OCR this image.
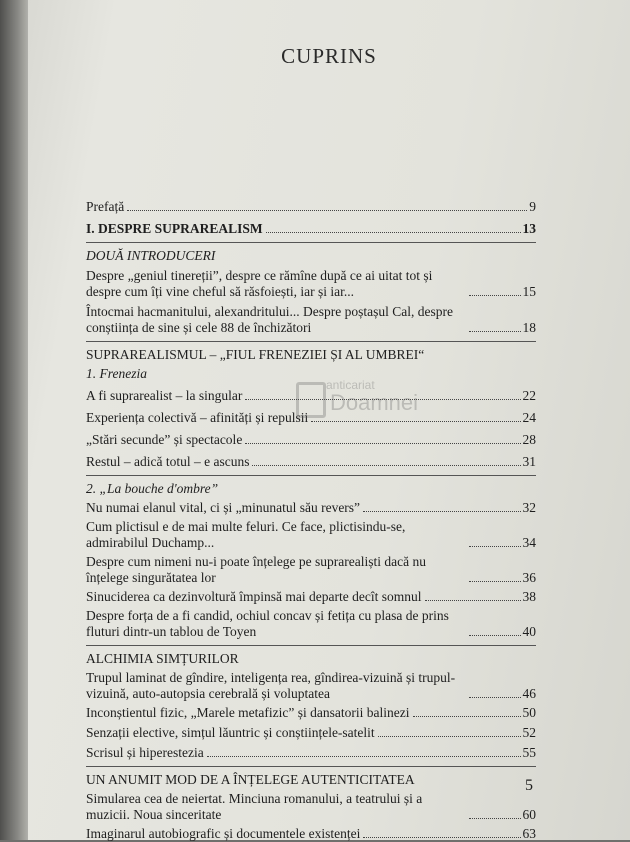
CUPRINS
Prefață	9
I. DESPRE SUPRAREALISM	13
DOUĂ INTRODUCERI
Despre „geniul tinereții”, despre ce rămîne după ce ai uitat tot și despre cum îți vine cheful să răsfoiești, iar și iar...	15
Întocmai hacmanitului, alexandritului... Despre poștașul Cal, despre conștiința de sine și cele 88 de închizători	18
SUPRAREALISMUL – „FIUL FRENEZIEI ȘI AL UMBREI“
1. Frenezia
A fi suprarealist – la singular	22
Experiența colectivă – afinități și repulsii	24
„Stări secunde” și spectacole	28
Restul – adică totul – e ascuns	31
2. „La bouche d'ombre”
Nu numai elanul vital, ci și „minunatul său revers”	32
Cum plictisul e de mai multe feluri. Ce face, plictisindu-se, admirabilul Duchamp...	34
Despre cum nimeni nu-i poate înțelege pe suprarealiști dacă nu înțelege singurătatea lor	36
Sinuciderea ca dezinvoltură împinsă mai departe decît somnul	38
Despre forța de a fi candid, ochiul concav și fetița cu plasa de prins fluturi dintr-un tablou de Toyen	40
ALCHIMIA SIMȚURILOR
Trupul laminat de gîndire, inteligența rea, gîndirea-vizuină și trupul-vizuină, auto-autopsia cerebrală și voluptatea	46
Inconștientul fizic, „Marele metafizic” și dansatorii balinezi	50
Senzații elective, simțul lăuntric și conștiințele-satelit	52
Scrisul și hiperestezia	55
UN ANUMIT MOD DE A ÎNȚELEGE AUTENTICITATEA
Simularea cea de neiertat. Minciuna romanului, a teatrului și a muzicii. Noua sinceritate	60
Imaginarul autobiografic și documentele existenței	63
anticariat
Doamnei
5
